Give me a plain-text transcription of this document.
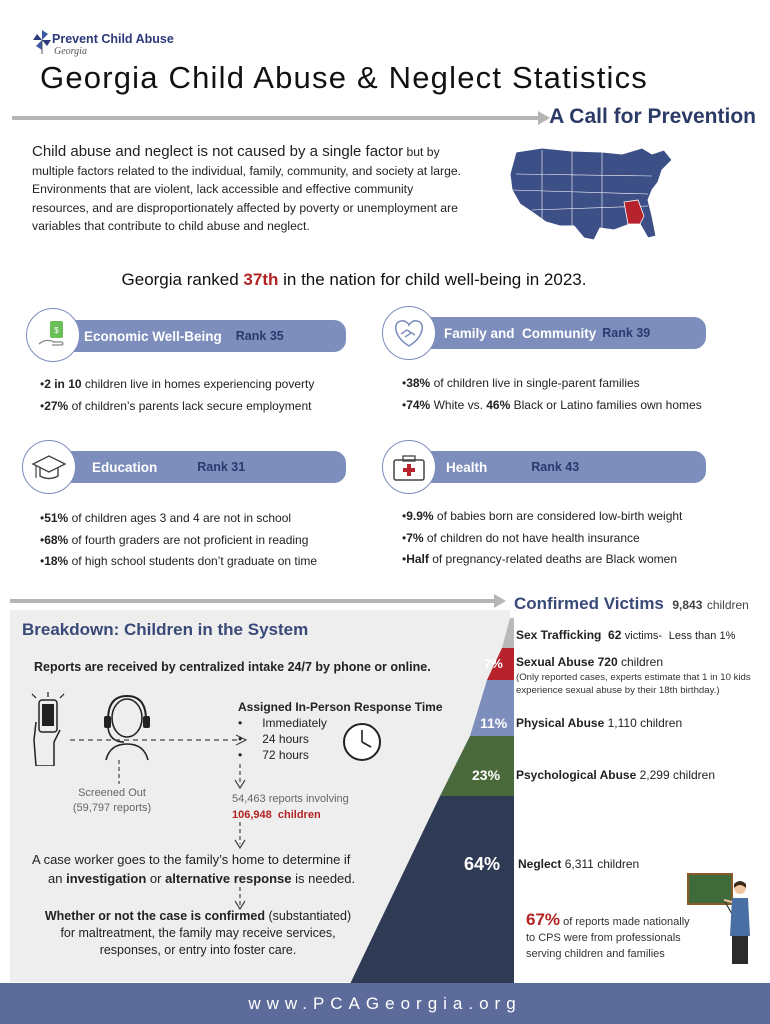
Prevent Child Abuse
Georgia
Georgia Child Abuse & Neglect Statistics
A Call for Prevention
Child abuse and neglect is not caused by a single factor but by multiple factors related to the individual, family, community, and society at large. Environments that are violent, lack accessible and effective community resources, and are disproportionately affected by poverty or unemployment are variables that contribute to child abuse and neglect.
Georgia ranked 37th in the nation for child well-being in 2023.
Economic Well-Being Rank 35
$
•2 in 10 children live in homes experiencing poverty
•27% of children’s parents lack secure employment
Family and  Community Rank 39
•38% of children live in single-parent families
•74% White vs. 46% Black or Latino families own homes
Education	Rank 31
•51% of children ages 3 and 4 are not in school
•68% of fourth graders are not proficient in reading
•18% of high school students don’t graduate on time
Health	Rank 43
•9.9% of babies born are considered low-birth weight
•7% of children do not have health insurance
•Half of pregnancy-related deaths are Black women
Breakdown: Children in the System
Reports are received by centralized intake 24/7 by phone or online.
Assigned In-Person Response Time
•      Immediately
•      24 hours
•      72 hours
Screened Out
(59,797 reports)
54,463 reports involving
106,948  children
A case worker goes to the family’s home to determine if
an investigation or alternative response is needed.
Whether or not the case is confirmed (substantiated)
for maltreatment, the family may receive services,
responses, or entry into foster care.
Confirmed Victims 9,843 children
Sex Trafficking 62 victims- Less than 1%
7% Sexual Abuse 720 children
(Only reported cases, experts estimate that 1 in 10 kids experience sexual abuse by their 18th birthday.)
11% Physical Abuse 1,110 children
23% Psychological Abuse 2,299 children
64% Neglect 6,311 children
67% of reports made nationally
to CPS were from professionals
serving children and families
www.PCAGeorgia.org
